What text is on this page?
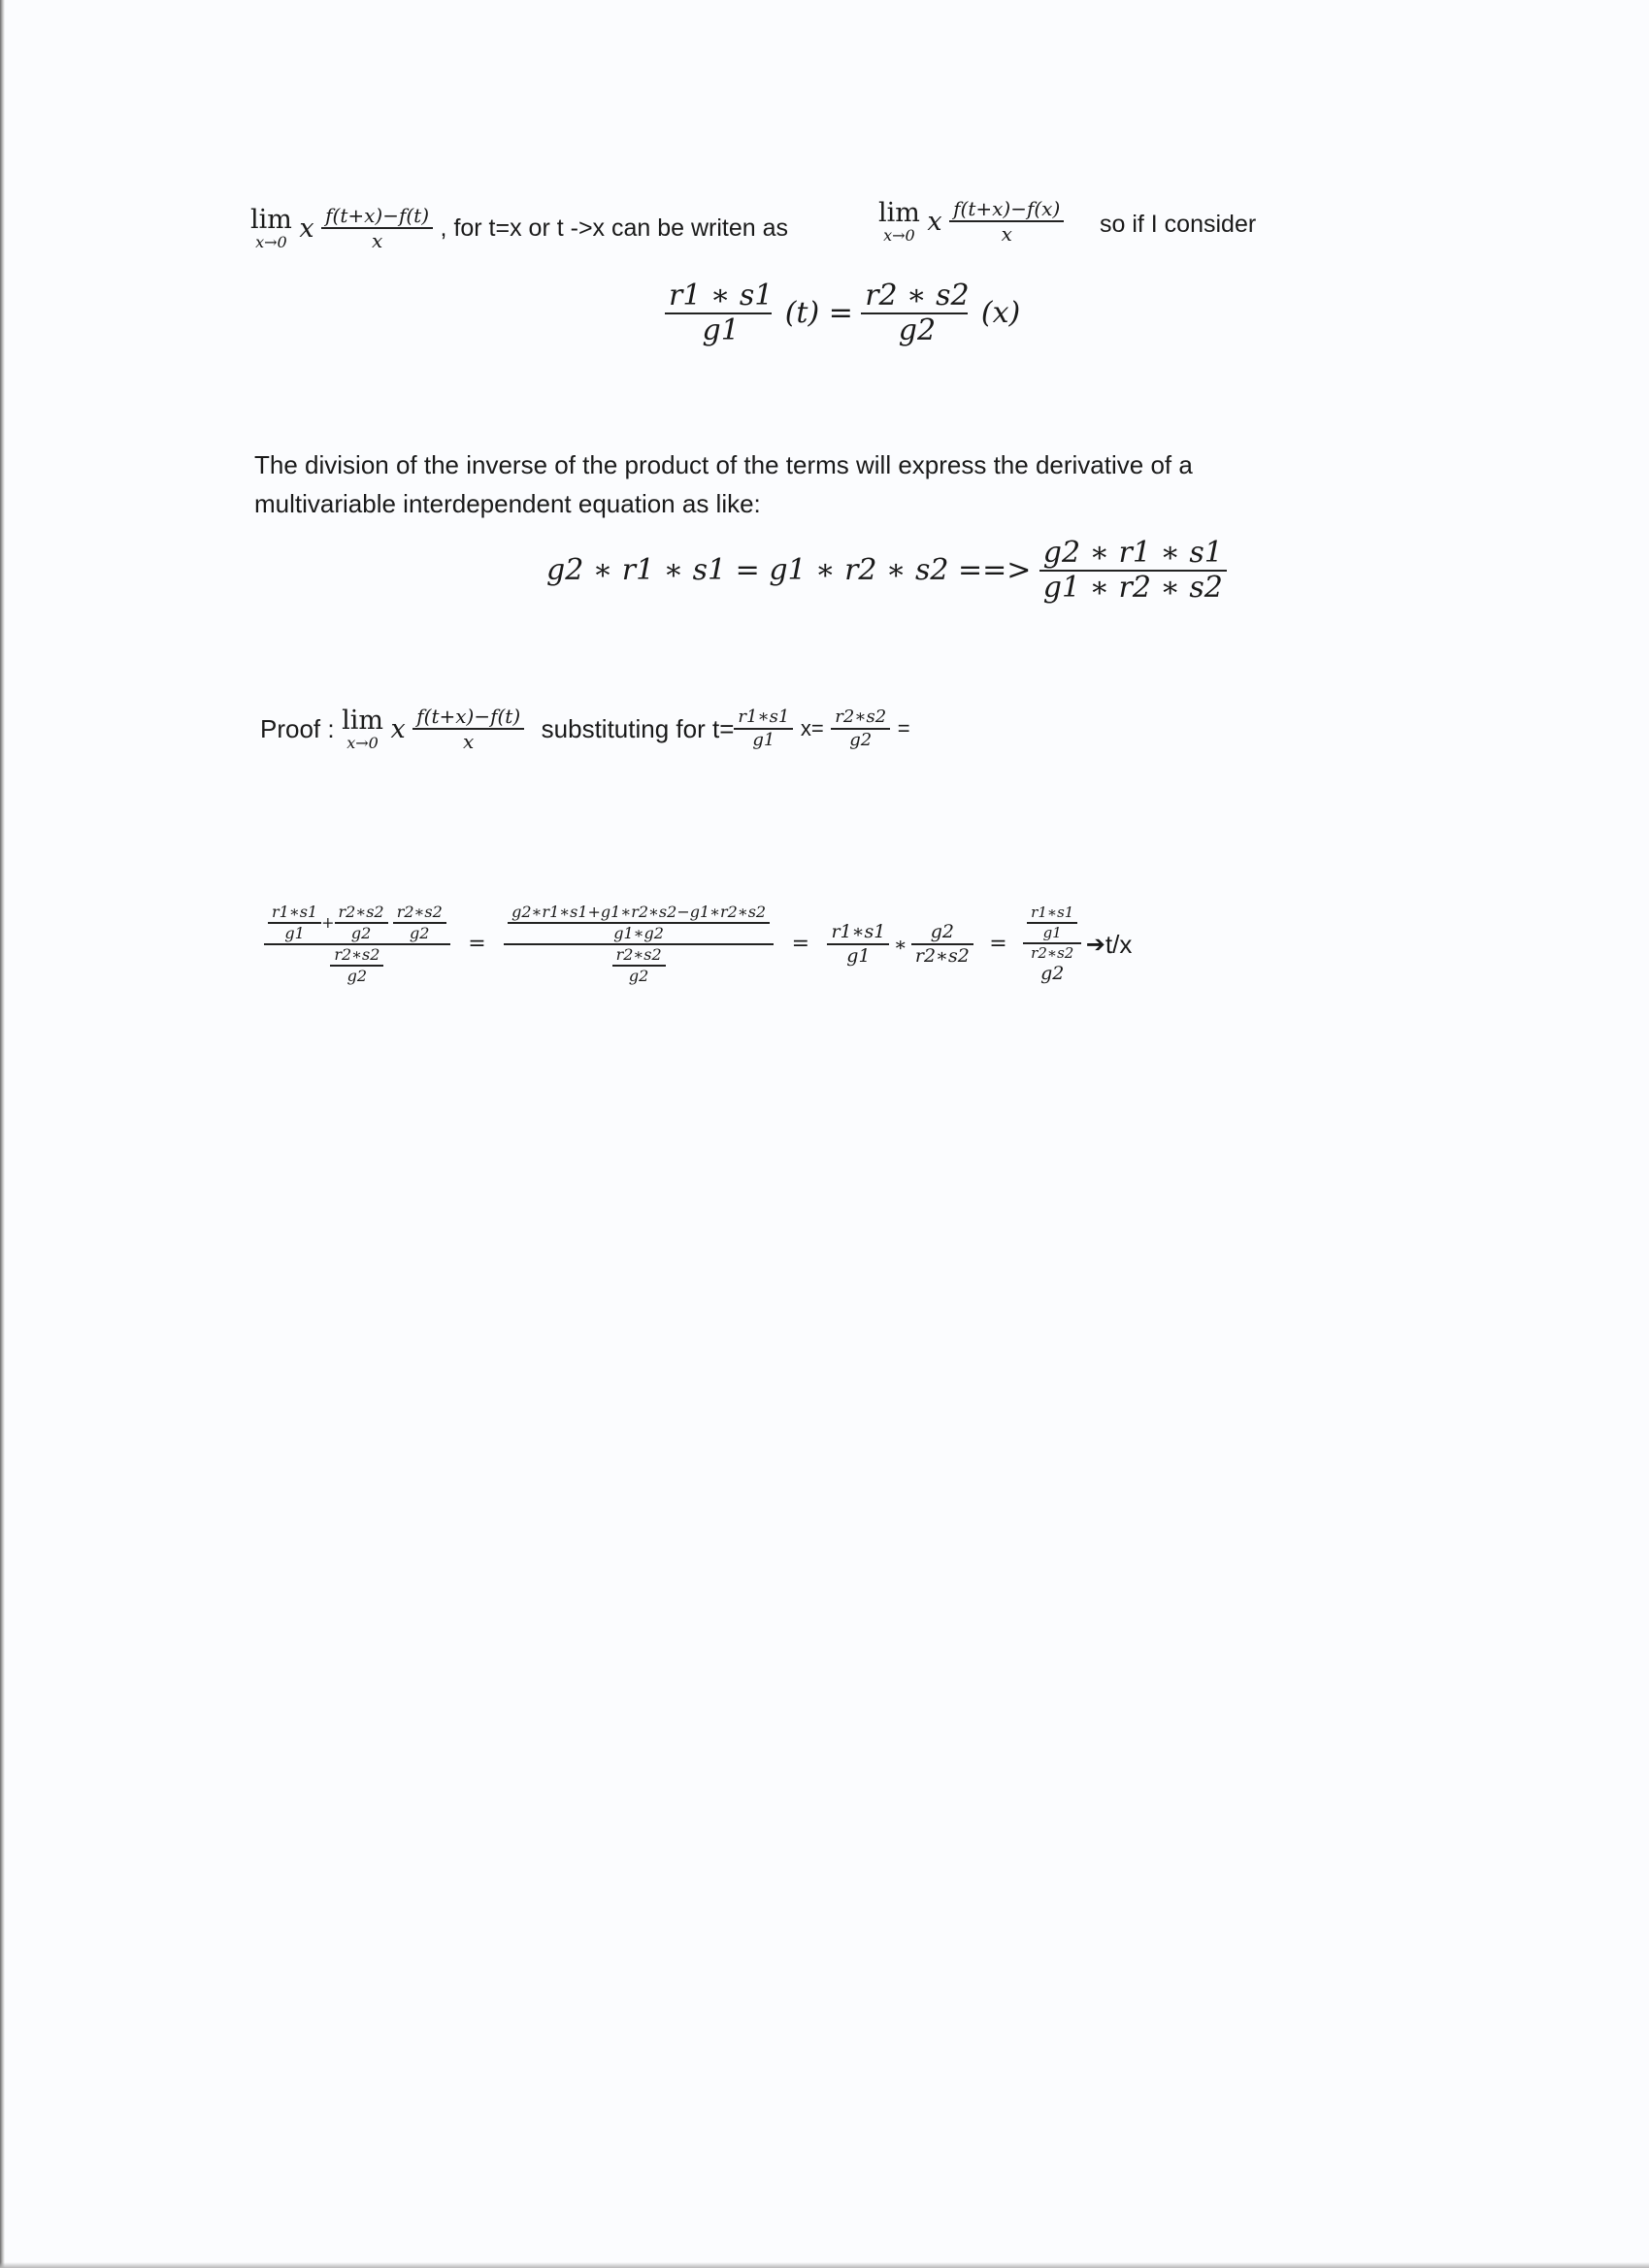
lim
x→0 x $\frac{f(t+x)-f(t)}{x}$ , for t=x or t ->x can be writen as	lim
x→0 x $\frac{f(t+x)-f(x)}{x}$ so if I consider
$\frac{r1 ∗ s1}{g1} (t) = \frac{r2 ∗ s2}{g2} (x)$
The division of the inverse of the product of the terms will express the derivative of a
multivariable interdependent equation as like:
g2 ∗ r1 ∗ s1 = g1 ∗ r2 ∗ s2 ==> $\frac{g2 ∗ r1 ∗ s1}{g1 ∗ r2 ∗ s2}$
Proof : lim
x→0 x $\frac{f(t+x)-f(t)}{x}$ substituting for $t= \frac{r1∗s1}{g1} x= \frac{r2∗s2}{g2}$ =
$\frac{r1∗s1}{g1} + \frac{r2∗s2}{g2}$
$\frac{r2∗s2}{g2}$
$\frac{r2∗s2}{g2}$
= $\frac{\frac{g2∗r1∗s1+g1∗r2∗s2-g1∗r2∗s2}{g1∗g2}}{\frac{r2∗s2}{g2}} = \frac{r1∗s1}{g1}$ ∗ $\frac{g2}{r2∗s2} = \frac{r1∗s1}{g1}$
r2∗s2
g2 ➔t/x
